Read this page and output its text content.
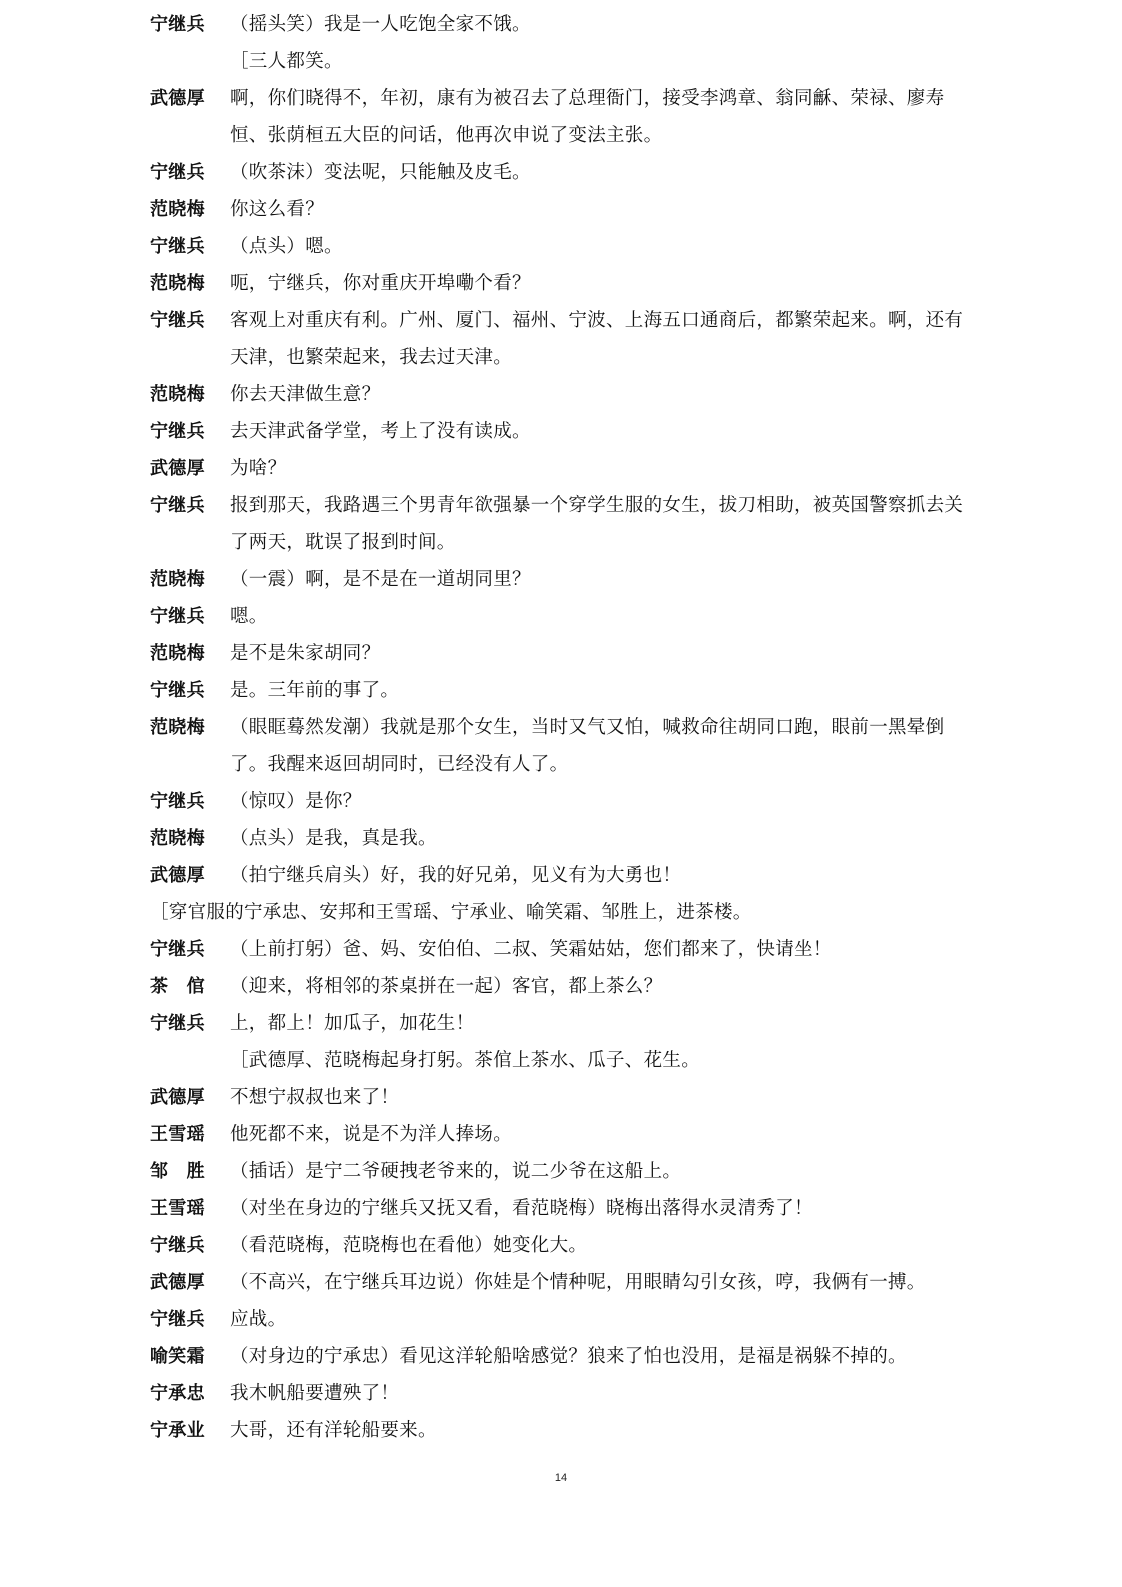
宁继兵	（摇头笑）我是一人吃饱全家不饿。
［三人都笑。
武德厚	啊，你们晓得不，年初，康有为被召去了总理衙门，接受李鸿章、翁同龢、荣禄、廖寿恒、张荫桓五大臣的问话，他再次申说了变法主张。
宁继兵	（吹茶沫）变法呢，只能触及皮毛。
范晓梅	你这么看？
宁继兵	（点头）嗯。
范晓梅	呃，宁继兵，你对重庆开埠嘞个看？
宁继兵	客观上对重庆有利。广州、厦门、福州、宁波、上海五口通商后，都繁荣起来。啊，还有天津，也繁荣起来，我去过天津。
范晓梅	你去天津做生意？
宁继兵	去天津武备学堂，考上了没有读成。
武德厚	为啥？
宁继兵	报到那天，我路遇三个男青年欲强暴一个穿学生服的女生，拔刀相助，被英国警察抓去关了两天，耽误了报到时间。
范晓梅	（一震）啊，是不是在一道胡同里？
宁继兵	嗯。
范晓梅	是不是朱家胡同？
宁继兵	是。三年前的事了。
范晓梅	（眼眶蓦然发潮）我就是那个女生，当时又气又怕，喊救命往胡同口跑，眼前一黑晕倒了。我醒来返回胡同时，已经没有人了。
宁继兵	（惊叹）是你？
范晓梅	（点头）是我，真是我。
武德厚	（拍宁继兵肩头）好，我的好兄弟，见义有为大勇也！
［穿官服的宁承忠、安邦和王雪瑶、宁承业、喻笑霜、邹胜上，进茶楼。
宁继兵	（上前打躬）爸、妈、安伯伯、二叔、笑霜姑姑，您们都来了，快请坐！
茶　倌	（迎来，将相邻的茶桌拼在一起）客官，都上茶么？
宁继兵	上，都上！加瓜子，加花生！
［武德厚、范晓梅起身打躬。茶倌上茶水、瓜子、花生。
武德厚	不想宁叔叔也来了！
王雪瑶	他死都不来，说是不为洋人捧场。
邹　胜	（插话）是宁二爷硬拽老爷来的，说二少爷在这船上。
王雪瑶	（对坐在身边的宁继兵又抚又看，看范晓梅）晓梅出落得水灵清秀了！
宁继兵	（看范晓梅，范晓梅也在看他）她变化大。
武德厚	（不高兴，在宁继兵耳边说）你娃是个情种呢，用眼睛勾引女孩，哼，我俩有一搏。
宁继兵	应战。
喻笑霜	（对身边的宁承忠）看见这洋轮船啥感觉？狼来了怕也没用，是福是祸躲不掉的。
宁承忠	我木帆船要遭殃了！
宁承业	大哥，还有洋轮船要来。
14
